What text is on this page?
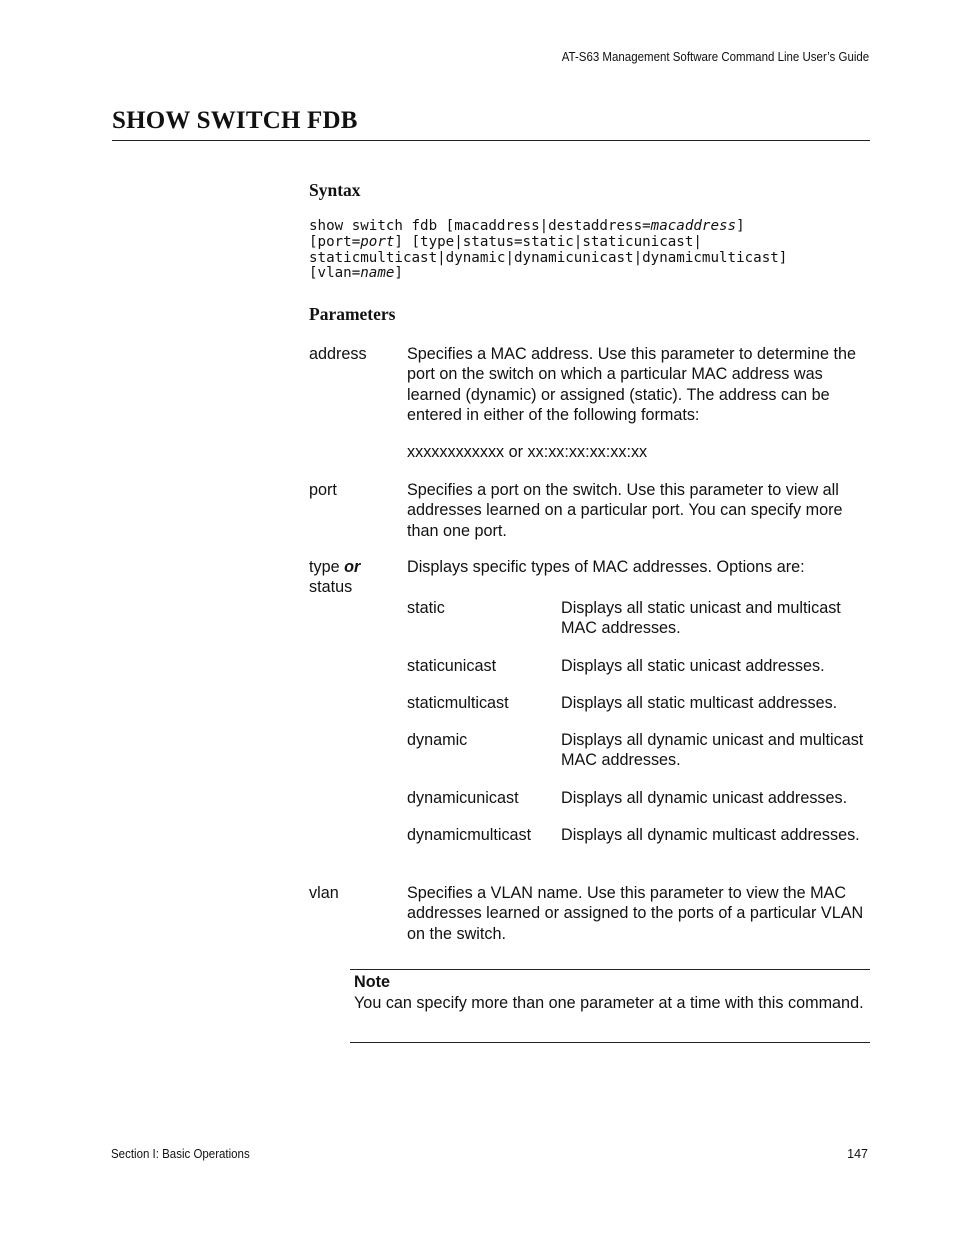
AT-S63 Management Software Command Line User’s Guide
SHOW SWITCH FDB
Syntax
show switch fdb [macaddress|destaddress=macaddress]
[port=port] [type|status=static|staticunicast|
staticmulticast|dynamic|dynamicunicast|dynamicmulticast]
[vlan=name]
Parameters
address Specifies a MAC address. Use this parameter to determine the port on the switch on which a particular MAC address was learned (dynamic) or assigned (static). The address can be entered in either of the following formats:
xxxxxxxxxxxx or xx:xx:xx:xx:xx:xx
port	Specifies a port on the switch. Use this parameter to view all addresses learned on a particular port. You can specify more than one port.
type or
status
Displays specific types of MAC addresses. Options are:
static	Displays all static unicast and multicast MAC addresses.
staticunicast	Displays all static unicast addresses.
staticmulticast	Displays all static multicast addresses.
dynamic	Displays all dynamic unicast and multicast MAC addresses.
dynamicunicast	Displays all dynamic unicast addresses.
dynamicmulticast Displays all dynamic multicast addresses.
vlan	Specifies a VLAN name. Use this parameter to view the MAC addresses learned or assigned to the ports of a particular VLAN on the switch.
Note
You can specify more than one parameter at a time with this command.
Section I: Basic Operations	147
